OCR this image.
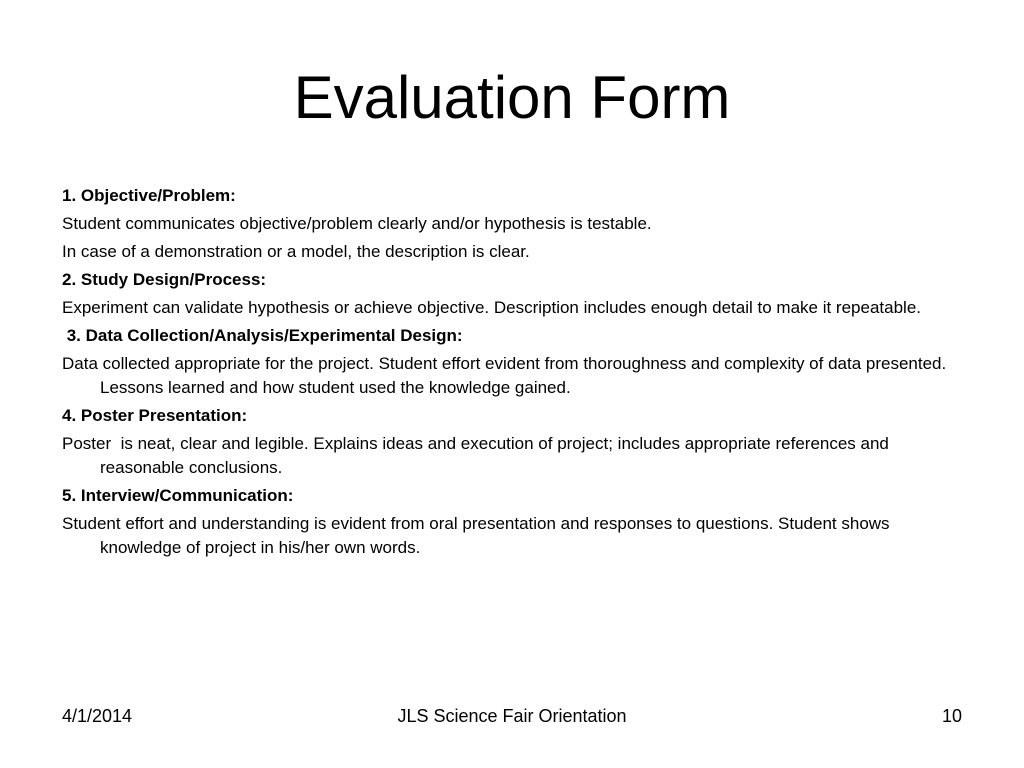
Evaluation Form
1. Objective/Problem:
Student communicates objective/problem clearly and/or hypothesis is testable.
In case of a demonstration or a model, the description is clear.
2. Study Design/Process:
Experiment can validate hypothesis or achieve objective. Description includes enough detail to make it repeatable.
3. Data Collection/Analysis/Experimental Design:
Data collected appropriate for the project. Student effort evident from thoroughness and complexity of data presented. Lessons learned and how student used the knowledge gained.
4. Poster Presentation:
Poster  is neat, clear and legible. Explains ideas and execution of project; includes appropriate references and reasonable conclusions.
5. Interview/Communication:
Student effort and understanding is evident from oral presentation and responses to questions. Student shows knowledge of project in his/her own words.
4/1/2014	JLS Science Fair Orientation	10
